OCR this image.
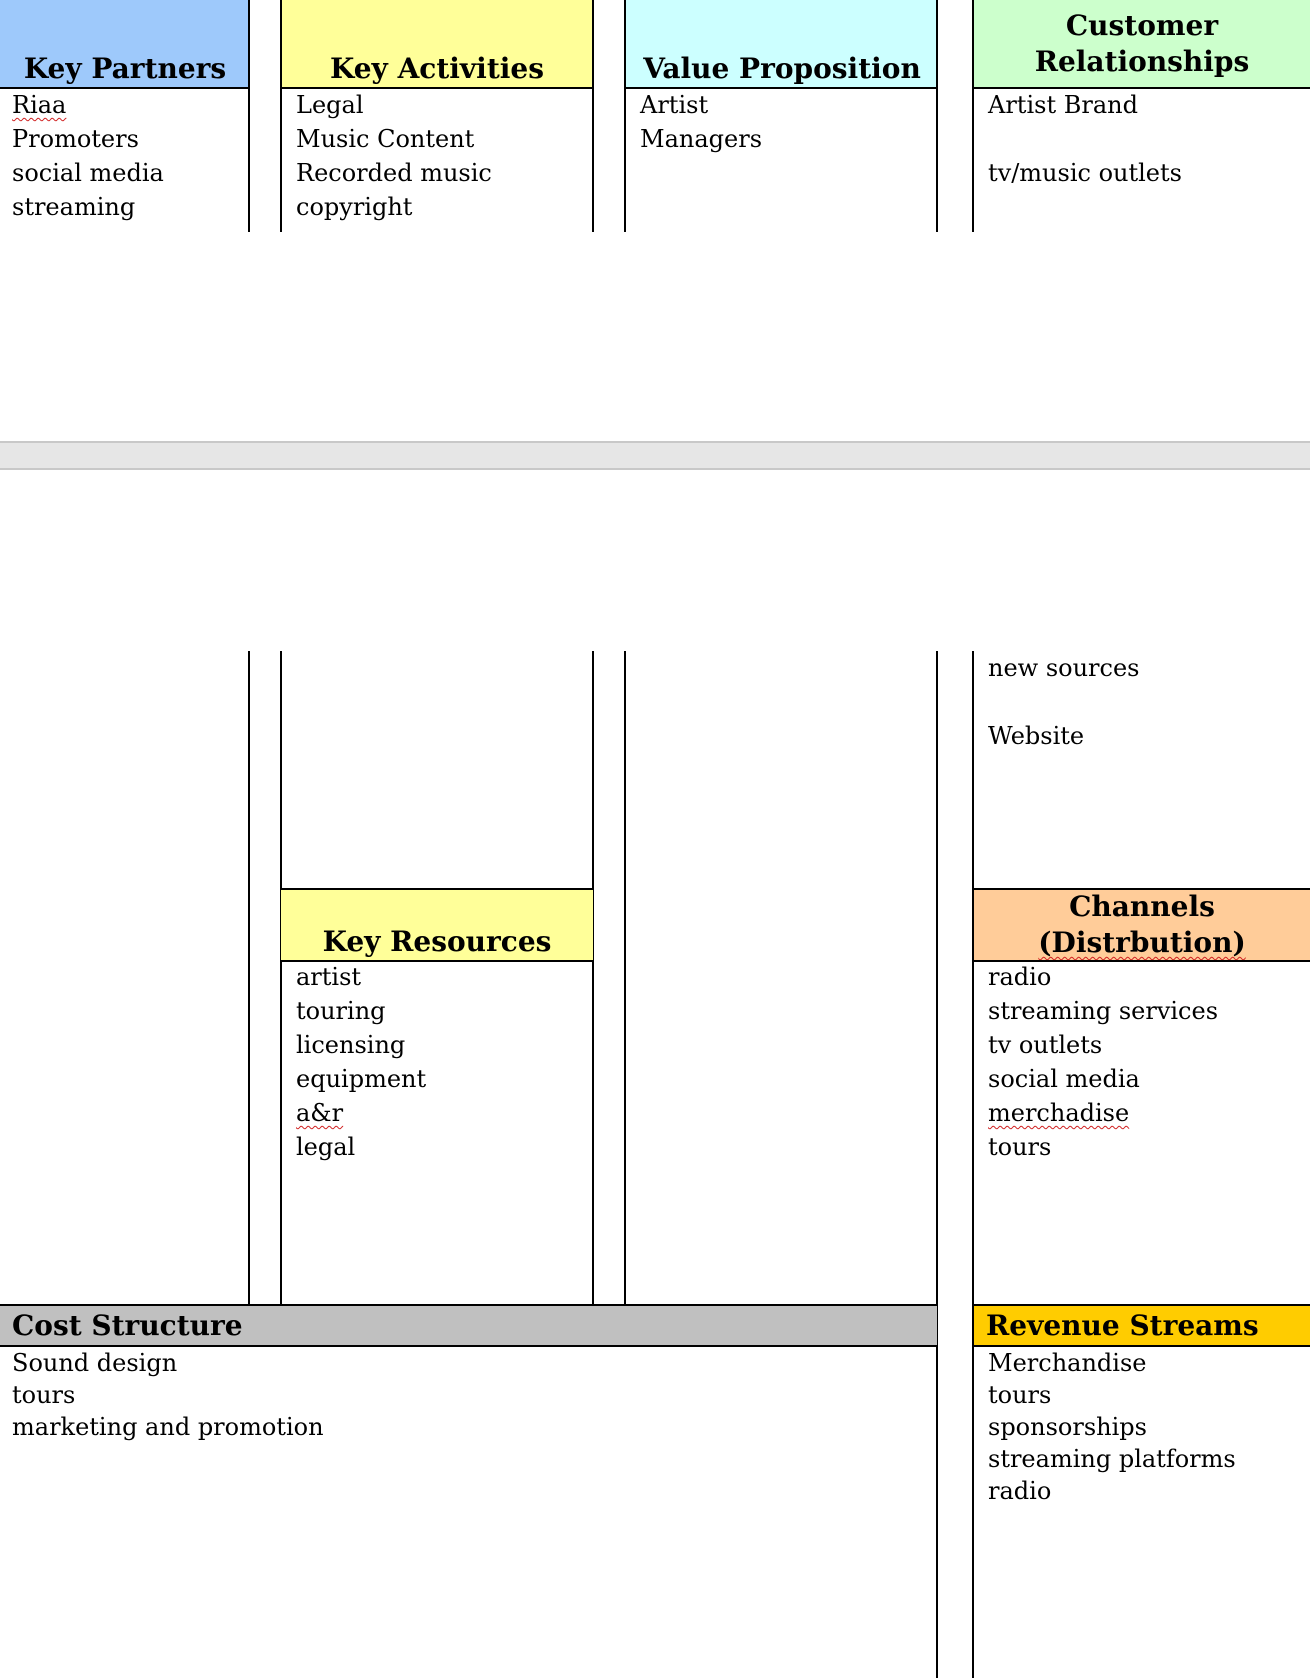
Key Partners	Key Activities	Value Proposition
Customer
Relationships
Riaa
Promoters
social media
streaming
Legal
Music Content
Recorded music
copyright
Artist
Managers
Artist Brand
tv/music outlets
new sources
Website
Key Resources
artist
touring
licensing
equipment
a&r
legal
Channels
(Distrbution)
radio
streaming services
tv outlets
social media
merchadise
tours
Cost Structure
Sound design
tours
marketing and promotion
Revenue Streams
Merchandise
tours
sponsorships
streaming platforms
radio
